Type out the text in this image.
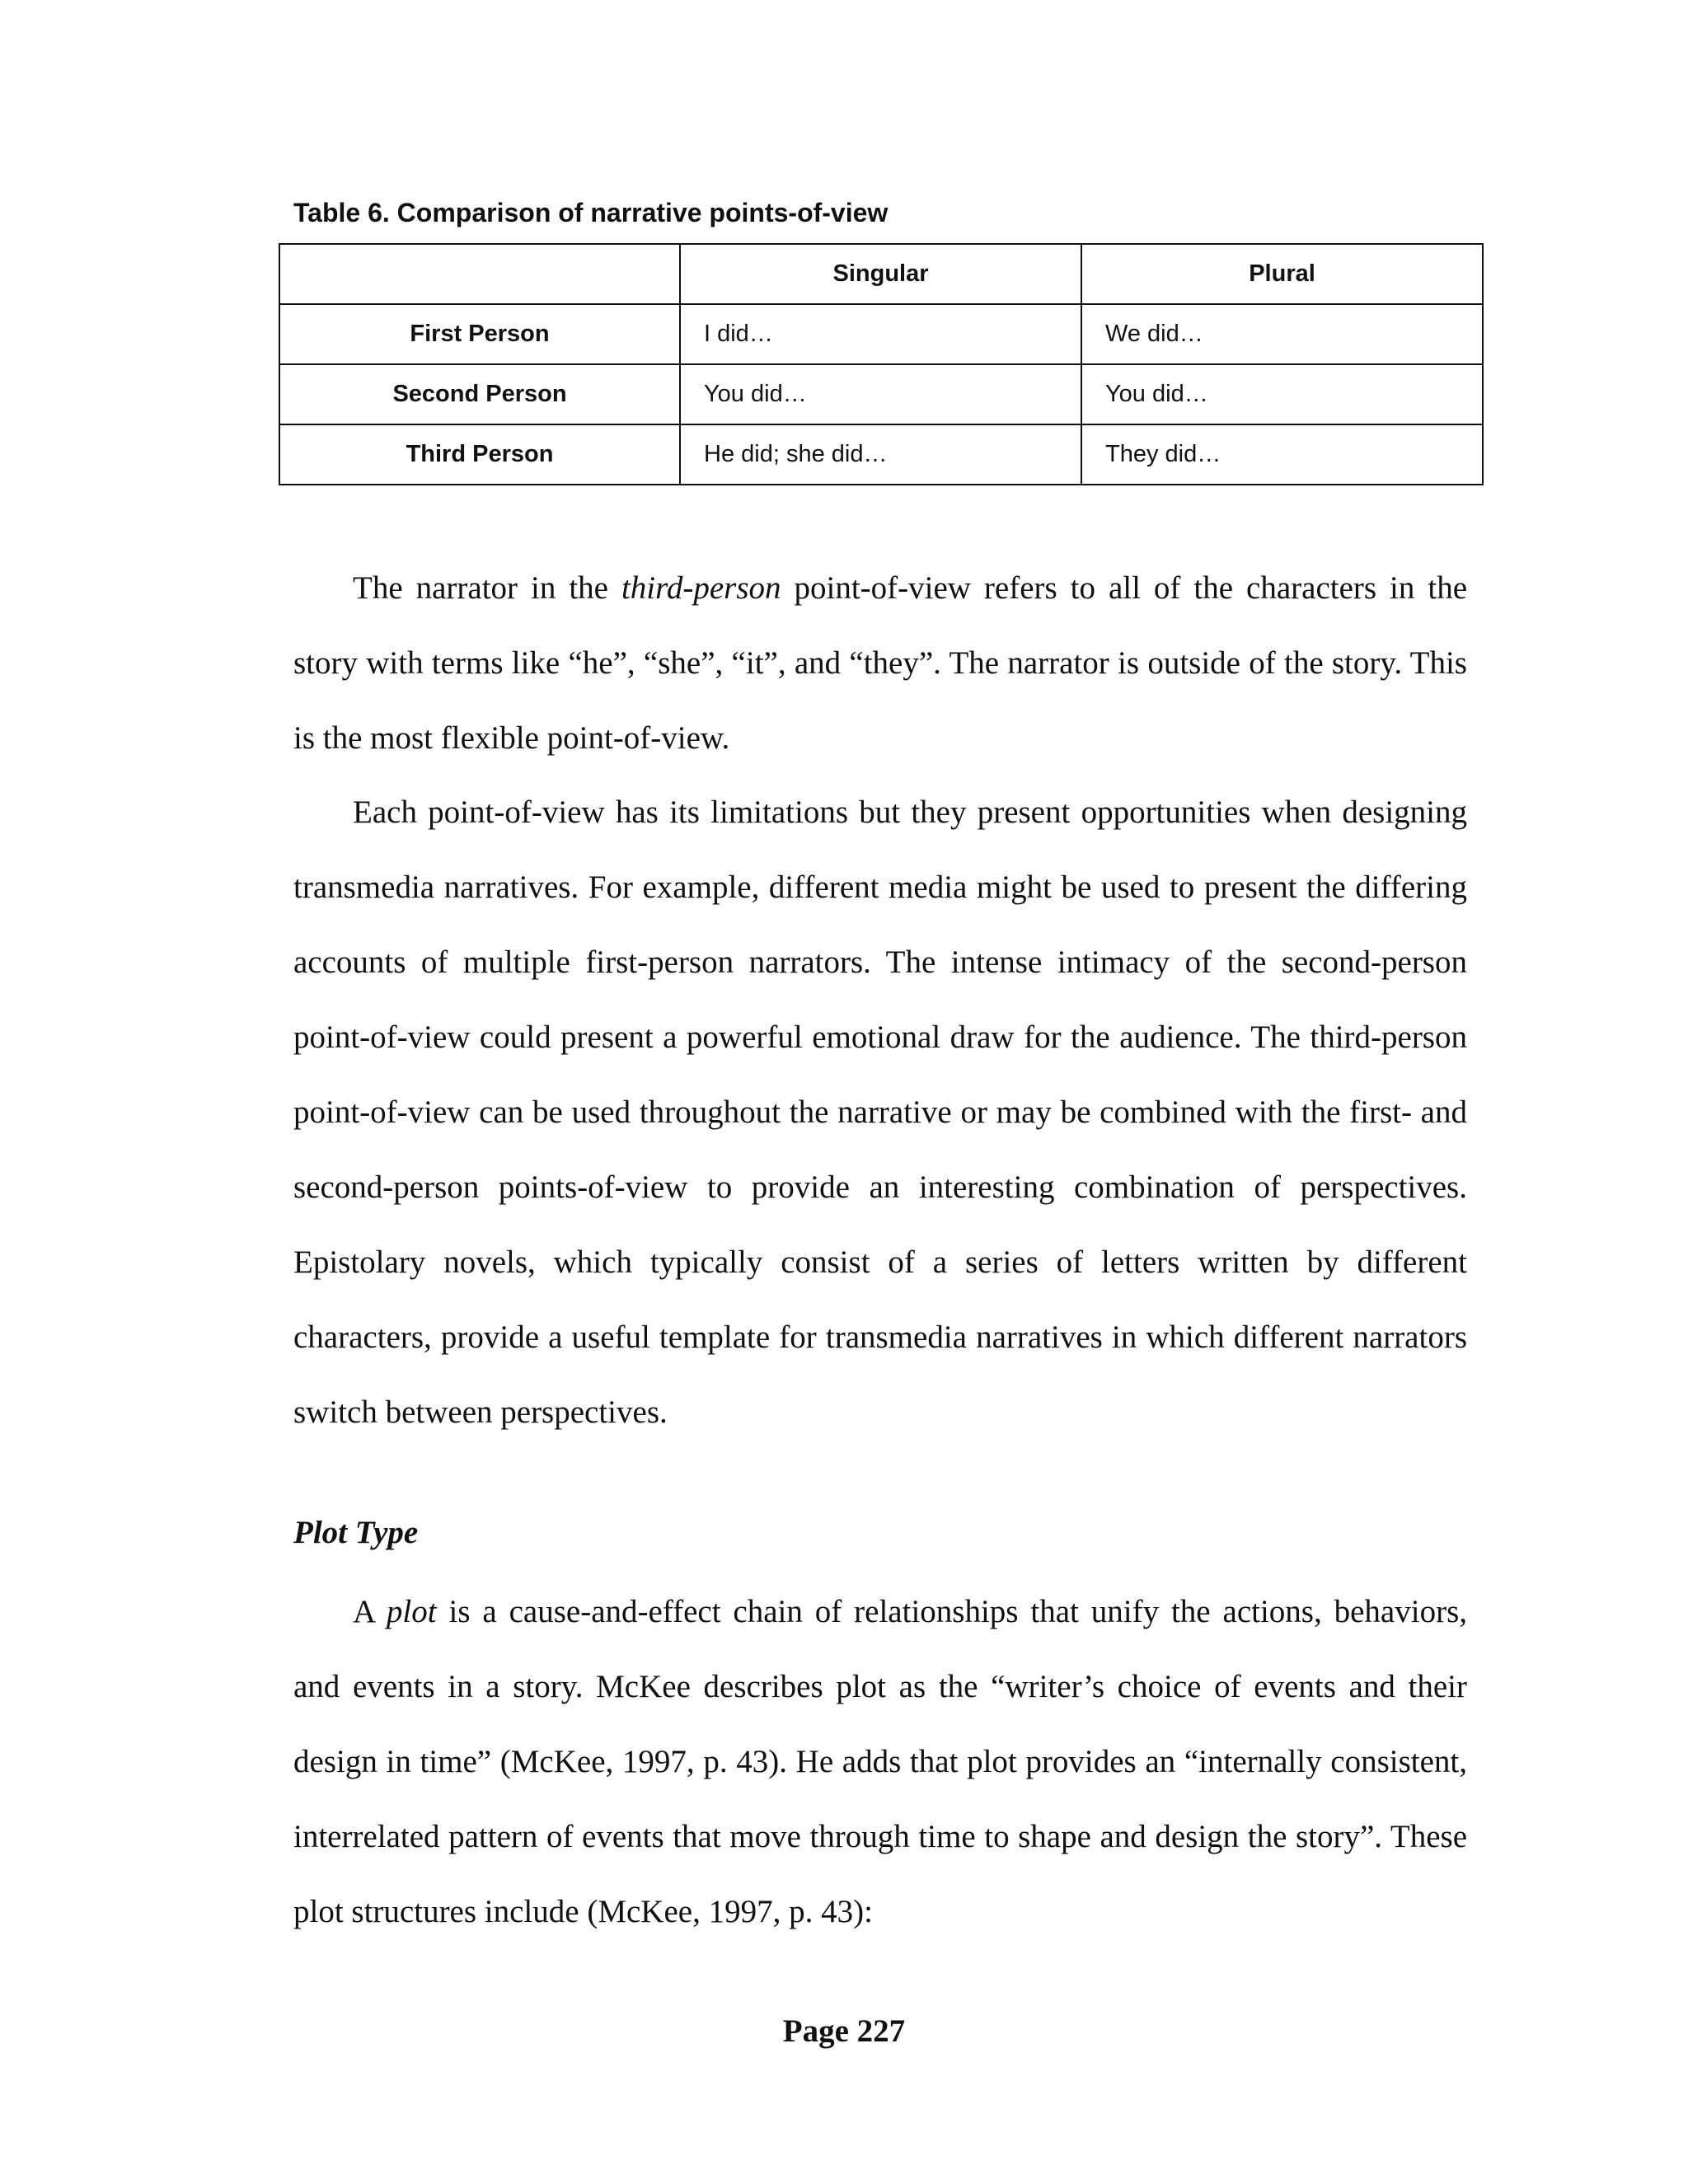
Table 6. Comparison of narrative points-of-view
	Singular	Plural
First Person	I did…	We did…
Second Person	You did…	You did…
Third Person	He did; she did…	They did…

The narrator in the third-person point-of-view refers to all of the characters in the story with terms like “he”, “she”, “it”, and “they”. The narrator is outside of the story. This is the most flexible point-of-view.

Each point-of-view has its limitations but they present opportunities when designing transmedia narratives. For example, different media might be used to present the differing accounts of multiple first-person narrators. The intense intimacy of the second-person point-of-view could present a powerful emotional draw for the audience. The third-person point-of-view can be used throughout the narrative or may be combined with the first- and second-person points-of-view to provide an interesting combination of perspectives. Epistolary novels, which typically consist of a series of letters written by different characters, provide a useful template for transmedia narratives in which different narrators switch between perspectives.

Plot Type

A plot is a cause-and-effect chain of relationships that unify the actions, behaviors, and events in a story. McKee describes plot as the “writer’s choice of events and their design in time” (McKee, 1997, p. 43). He adds that plot provides an “internally consistent, interrelated pattern of events that move through time to shape and design the story”. These plot structures include (McKee, 1997, p. 43):

Page 227
